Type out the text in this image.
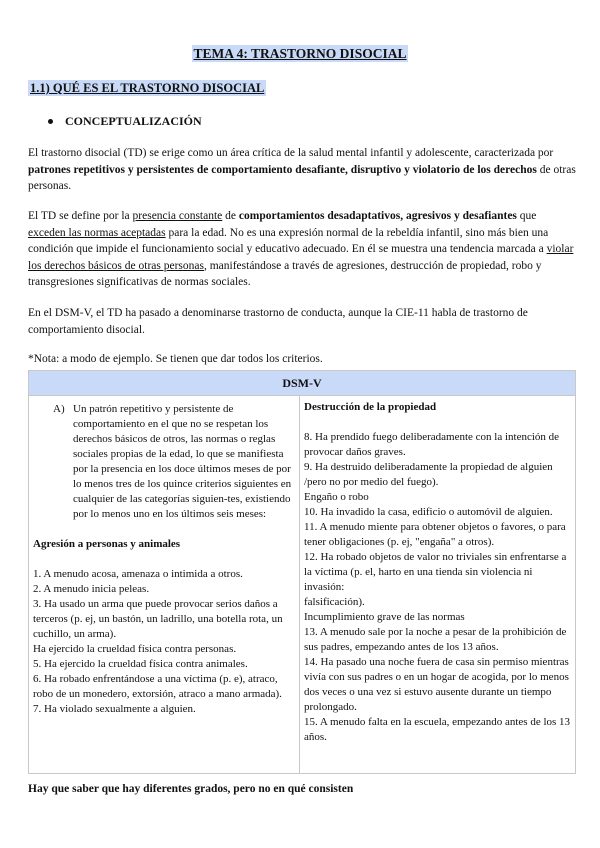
TEMA 4: TRASTORNO DISOCIAL
1.1) QUÉ ES EL TRASTORNO DISOCIAL
CONCEPTUALIZACIÓN

El trastorno disocial (TD) se erige como un área crítica de la salud mental infantil y adolescente, caracterizada por patrones repetitivos y persistentes de comportamiento desafiante, disruptivo y violatorio de los derechos de otras personas.

El TD se define por la presencia constante de comportamientos desadaptativos, agresivos y desafiantes que exceden las normas aceptadas para la edad. No es una expresión normal de la rebeldía infantil, sino más bien una condición que impide el funcionamiento social y educativo adecuado. En él se muestra una tendencia marcada a violar los derechos básicos de otras personas, manifestándose a través de agresiones, destrucción de propiedad, robo y transgresiones significativas de normas sociales.

En el DSM-V, el TD ha pasado a denominarse trastorno de conducta, aunque la CIE-11 habla de trastorno de comportamiento disocial.

*Nota: a modo de ejemplo. Se tienen que dar todos los criterios.
DSM-V
A) Un patrón repetitivo y persistente de comportamiento en el que no se respetan los derechos básicos de otros, las normas o reglas sociales propias de la edad, lo que se manifiesta por la presencia en los doce últimos meses de por lo menos tres de los quince criterios siguientes en cualquier de las categorías siguien-tes, existiendo por lo menos uno en los últimos seis meses:

Agresión a personas y animales

1. A menudo acosa, amenaza o intimida a otros.

2. A menudo inicia peleas.

3. Ha usado un arma que puede provocar serios daños a terceros (p. ej, un bastón, un ladrillo, una botella rota, un cuchillo, un arma).

Ha ejercido la crueldad física contra personas.

5. Ha ejercido la crueldad física contra animales.

6. Ha robado enfrentándose a una víctima (p. e), atraco, robo de un monedero, extorsión, atraco a mano armada).

7. Ha violado sexualmente a alguien.

Destrucción de la propiedad

8. Ha prendido fuego deliberadamente con la intención de provocar daños graves.

9. Ha destruido deliberadamente la propiedad de alguien /pero no por medio del fuego).

Engaño o robo

10. Ha invadido la casa, edificio o automóvil de alguien.

11. A menudo miente para obtener objetos o favores, o para tener obligaciones (p. ej, "engaña" a otros).

12. Ha robado objetos de valor no triviales sin enfrentarse a la víctima (p. el, harto en una tienda sin violencia ni invasión:

falsificación).

Incumplimiento grave de las normas

13. A menudo sale por la noche a pesar de la prohibición de sus padres, empezando antes de los 13 años.

14. Ha pasado una noche fuera de casa sin permiso mientras vivía con sus padres o en un hogar de acogida, por lo menos dos veces o una vez si estuvo ausente durante un tiempo

prolongado.

15. A menudo falta en la escuela, empezando antes de los 13 años.

Hay que saber que hay diferentes grados, pero no en qué consisten
